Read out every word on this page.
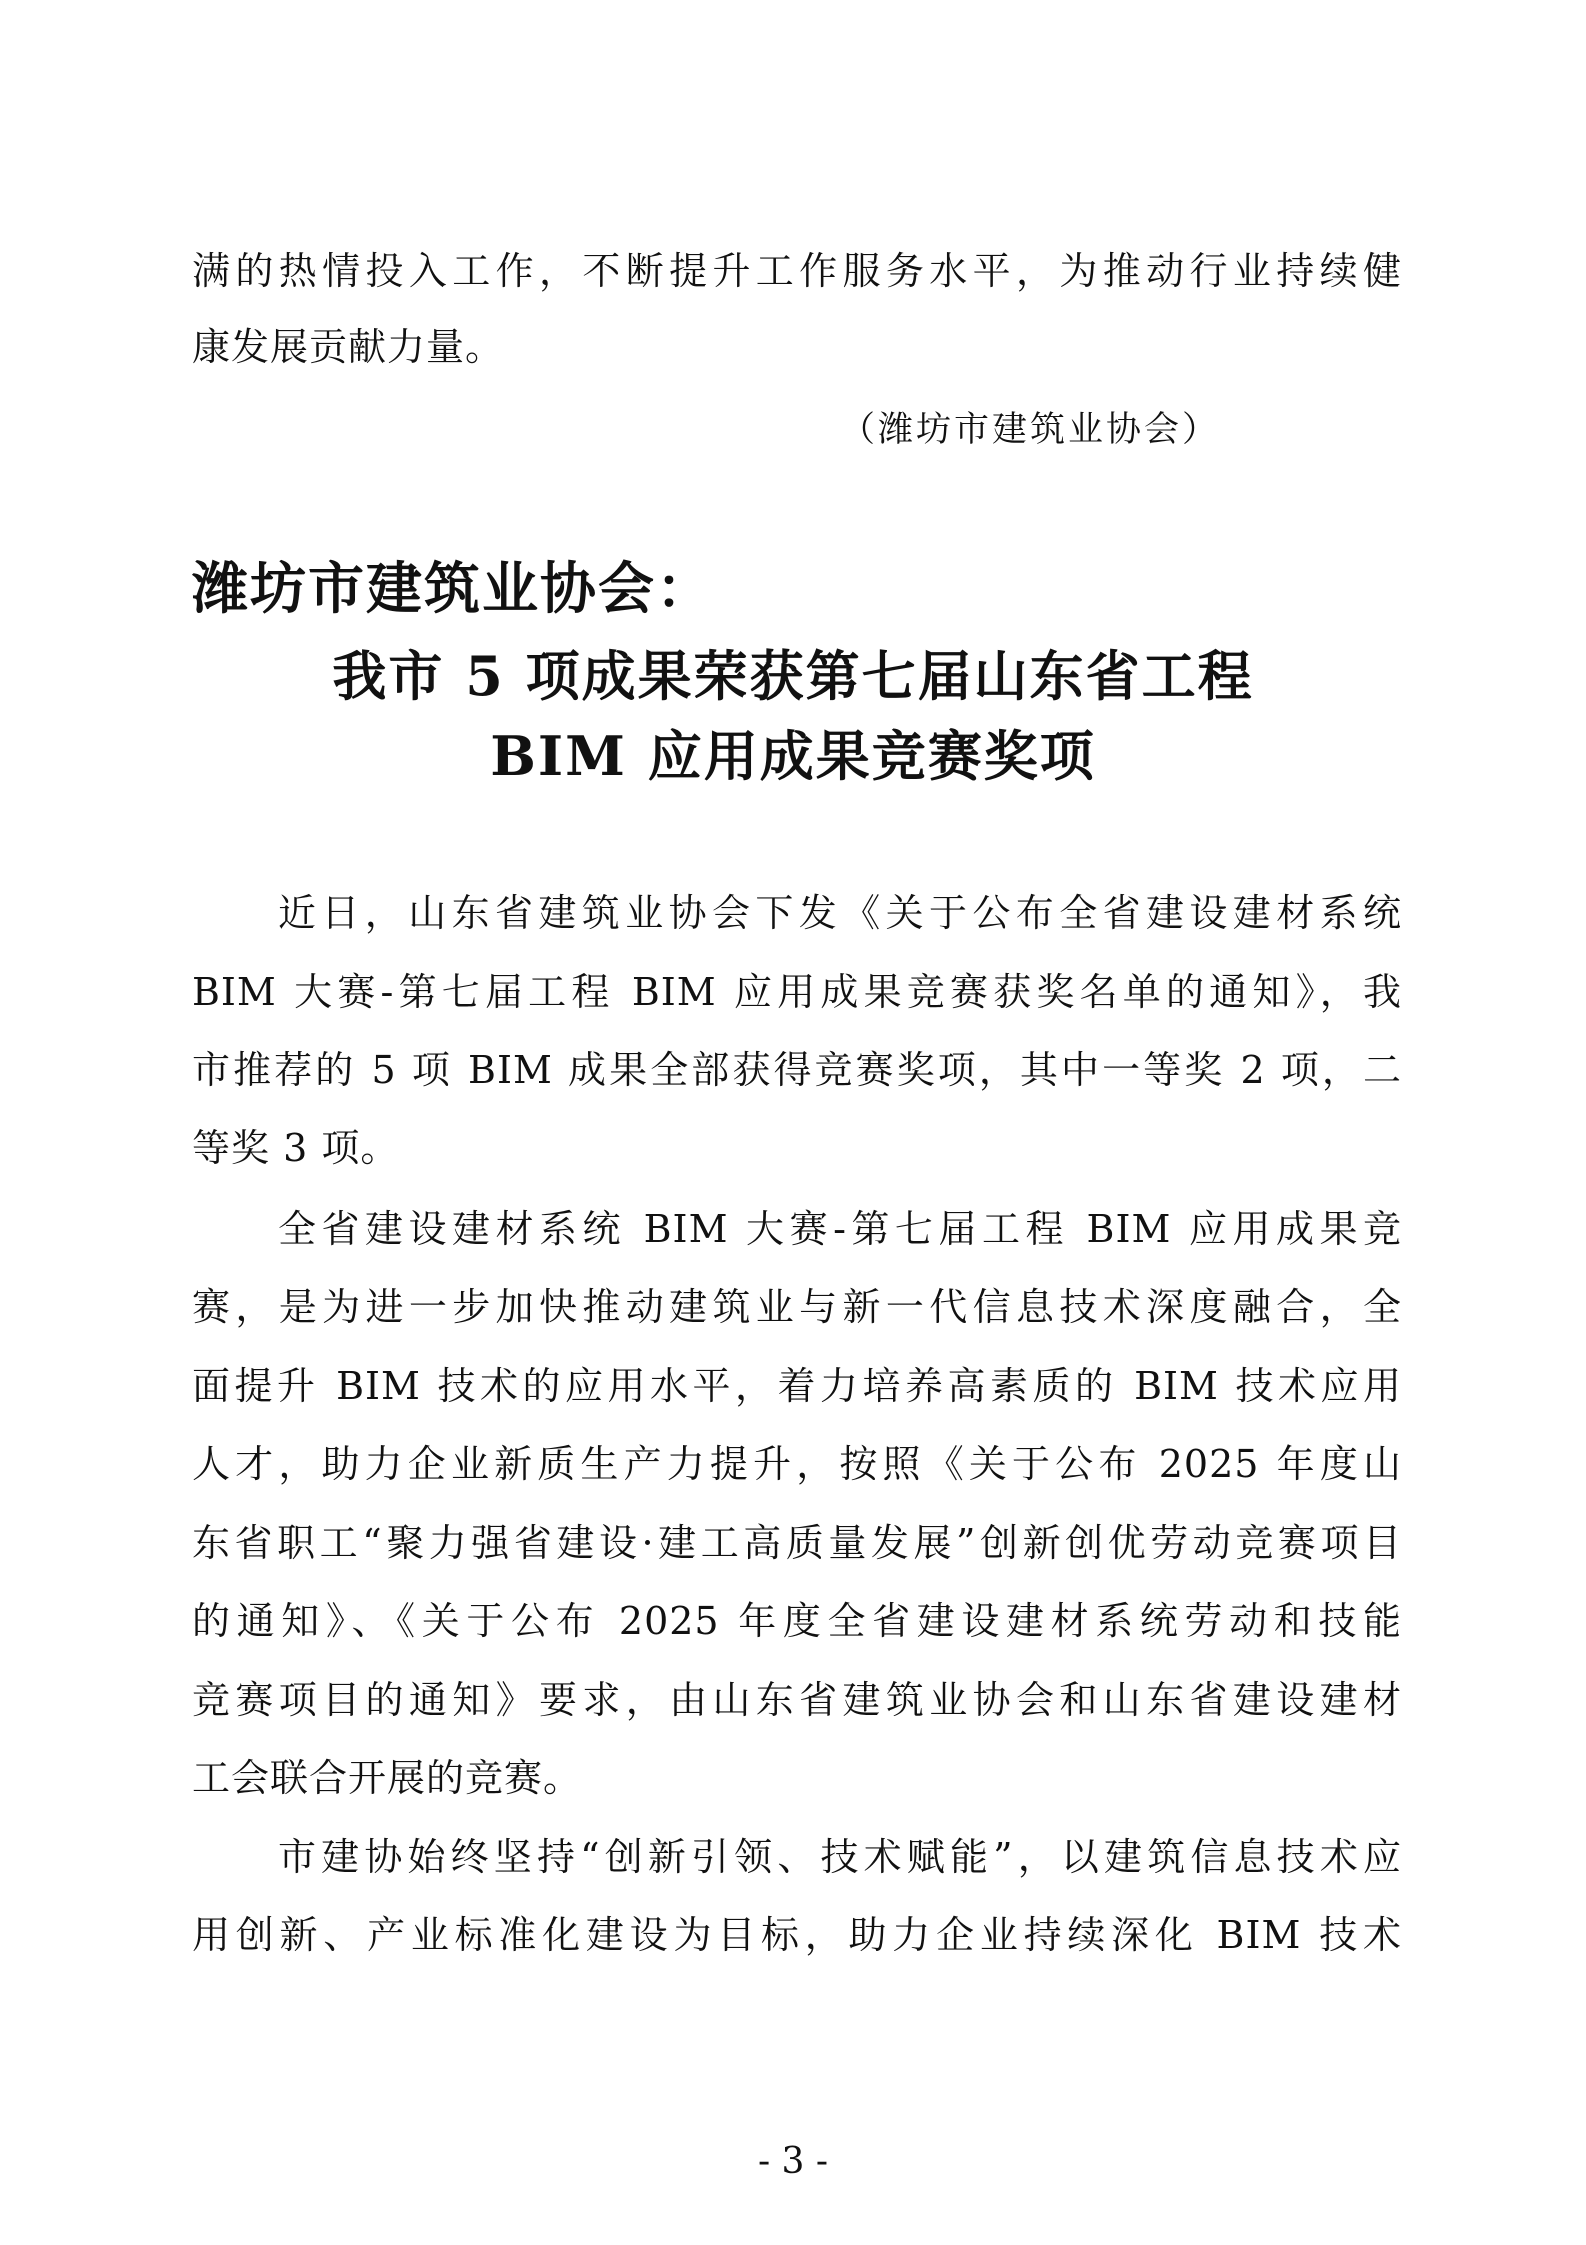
满的热情投入工作，不断提升工作服务水平，为推动行业持续健
康发展贡献力量。
（潍坊市建筑业协会）
潍坊市建筑业协会：
我市 5 项成果荣获第七届山东省工程
BIM 应用成果竞赛奖项
近日，山东省建筑业协会下发《关于公布全省建设建材系统
BIM 大赛-第七届工程 BIM 应用成果竞赛获奖名单的通知》，我
市推荐的 5 项 BIM 成果全部获得竞赛奖项，其中一等奖 2 项，二
等奖 3 项。
全省建设建材系统 BIM 大赛-第七届工程 BIM 应用成果竞
赛，是为进一步加快推动建筑业与新一代信息技术深度融合，全
面提升 BIM 技术的应用水平，着力培养高素质的 BIM 技术应用
人才，助力企业新质生产力提升，按照《关于公布 2025 年度山
东省职工“聚力强省建设·建工高质量发展”创新创优劳动竞赛项目
的通知》、《关于公布 2025 年度全省建设建材系统劳动和技能
竞赛项目的通知》要求，由山东省建筑业协会和山东省建设建材
工会联合开展的竞赛。
市建协始终坚持“创新引领、技术赋能”，以建筑信息技术应
用创新、产业标准化建设为目标，助力企业持续深化 BIM 技术
- 3 -
